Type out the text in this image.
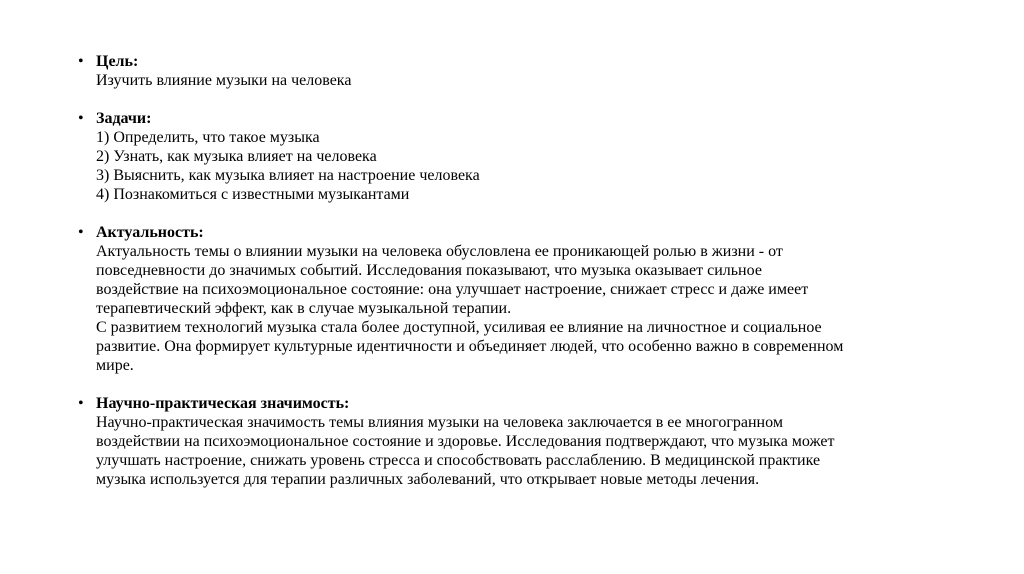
• Цель:
Изучить влияние музыки на человека
• Задачи:
1) Определить, что такое музыка
2) Узнать, как музыка влияет на человека
3) Выяснить, как музыка влияет на настроение человека
4) Познакомиться с известными музыкантами
• Актуальность:
Актуальность темы о влиянии музыки на человека обусловлена ее проникающей ролью в жизни - от
повседневности до значимых событий. Исследования показывают, что музыка оказывает сильное
воздействие на психоэмоциональное состояние: она улучшает настроение, снижает стресс и даже имеет
терапевтический эффект, как в случае музыкальной терапии.
С развитием технологий музыка стала более доступной, усиливая ее влияние на личностное и социальное
развитие. Она формирует культурные идентичности и объединяет людей, что особенно важно в современном
мире.
• Научно-практическая значимость:
Научно-практическая значимость темы влияния музыки на человека заключается в ее многогранном
воздействии на психоэмоциональное состояние и здоровье. Исследования подтверждают, что музыка может
улучшать настроение, снижать уровень стресса и способствовать расслаблению. В медицинской практике
музыка используется для терапии различных заболеваний, что открывает новые методы лечения.
